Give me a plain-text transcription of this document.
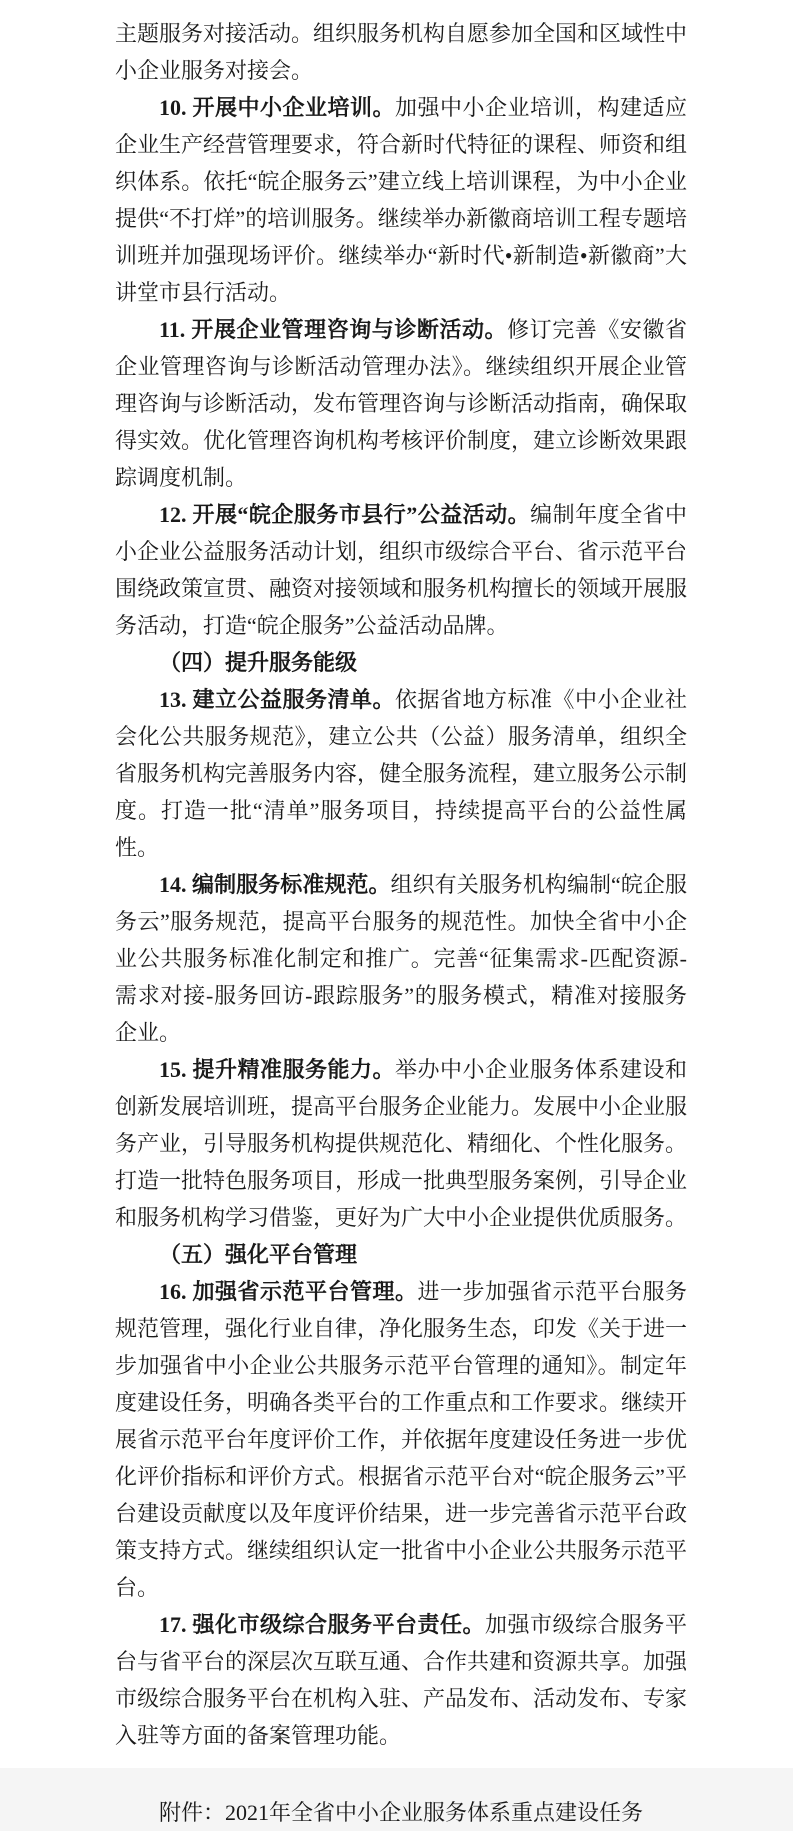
主题服务对接活动。组织服务机构自愿参加全国和区域性中小企业服务对接会。

10. 开展中小企业培训。加强中小企业培训，构建适应企业生产经营管理要求，符合新时代特征的课程、师资和组织体系。依托“皖企服务云”建立线上培训课程，为中小企业提供“不打烊”的培训服务。继续举办新徽商培训工程专题培训班并加强现场评价。继续举办“新时代•新制造•新徽商”大讲堂市县行活动。

11. 开展企业管理咨询与诊断活动。修订完善《安徽省企业管理咨询与诊断活动管理办法》。继续组织开展企业管理咨询与诊断活动，发布管理咨询与诊断活动指南，确保取得实效。优化管理咨询机构考核评价制度，建立诊断效果跟踪调度机制。

12. 开展“皖企服务市县行”公益活动。编制年度全省中小企业公益服务活动计划，组织市级综合平台、省示范平台围绕政策宣贯、融资对接领域和服务机构擅长的领域开展服务活动，打造“皖企服务”公益活动品牌。

（四）提升服务能级

13. 建立公益服务清单。依据省地方标准《中小企业社会化公共服务规范》，建立公共（公益）服务清单，组织全省服务机构完善服务内容，健全服务流程，建立服务公示制度。打造一批“清单”服务项目，持续提高平台的公益性属性。

14. 编制服务标准规范。组织有关服务机构编制“皖企服务云”服务规范，提高平台服务的规范性。加快全省中小企业公共服务标准化制定和推广。完善“征集需求-匹配资源-需求对接-服务回访-跟踪服务”的服务模式，精准对接服务企业。

15. 提升精准服务能力。举办中小企业服务体系建设和创新发展培训班，提高平台服务企业能力。发展中小企业服务产业，引导服务机构提供规范化、精细化、个性化服务。打造一批特色服务项目，形成一批典型服务案例，引导企业和服务机构学习借鉴，更好为广大中小企业提供优质服务。

（五）强化平台管理

16. 加强省示范平台管理。进一步加强省示范平台服务规范管理，强化行业自律，净化服务生态，印发《关于进一步加强省中小企业公共服务示范平台管理的通知》。制定年度建设任务，明确各类平台的工作重点和工作要求。继续开展省示范平台年度评价工作，并依据年度建设任务进一步优化评价指标和评价方式。根据省示范平台对“皖企服务云”平台建设贡献度以及年度评价结果，进一步完善省示范平台政策支持方式。继续组织认定一批省中小企业公共服务示范平台。

17. 强化市级综合服务平台责任。加强市级综合服务平台与省平台的深层次互联互通、合作共建和资源共享。加强市级综合服务平台在机构入驻、产品发布、活动发布、专家入驻等方面的备案管理功能。

附件：2021年全省中小企业服务体系重点建设任务
